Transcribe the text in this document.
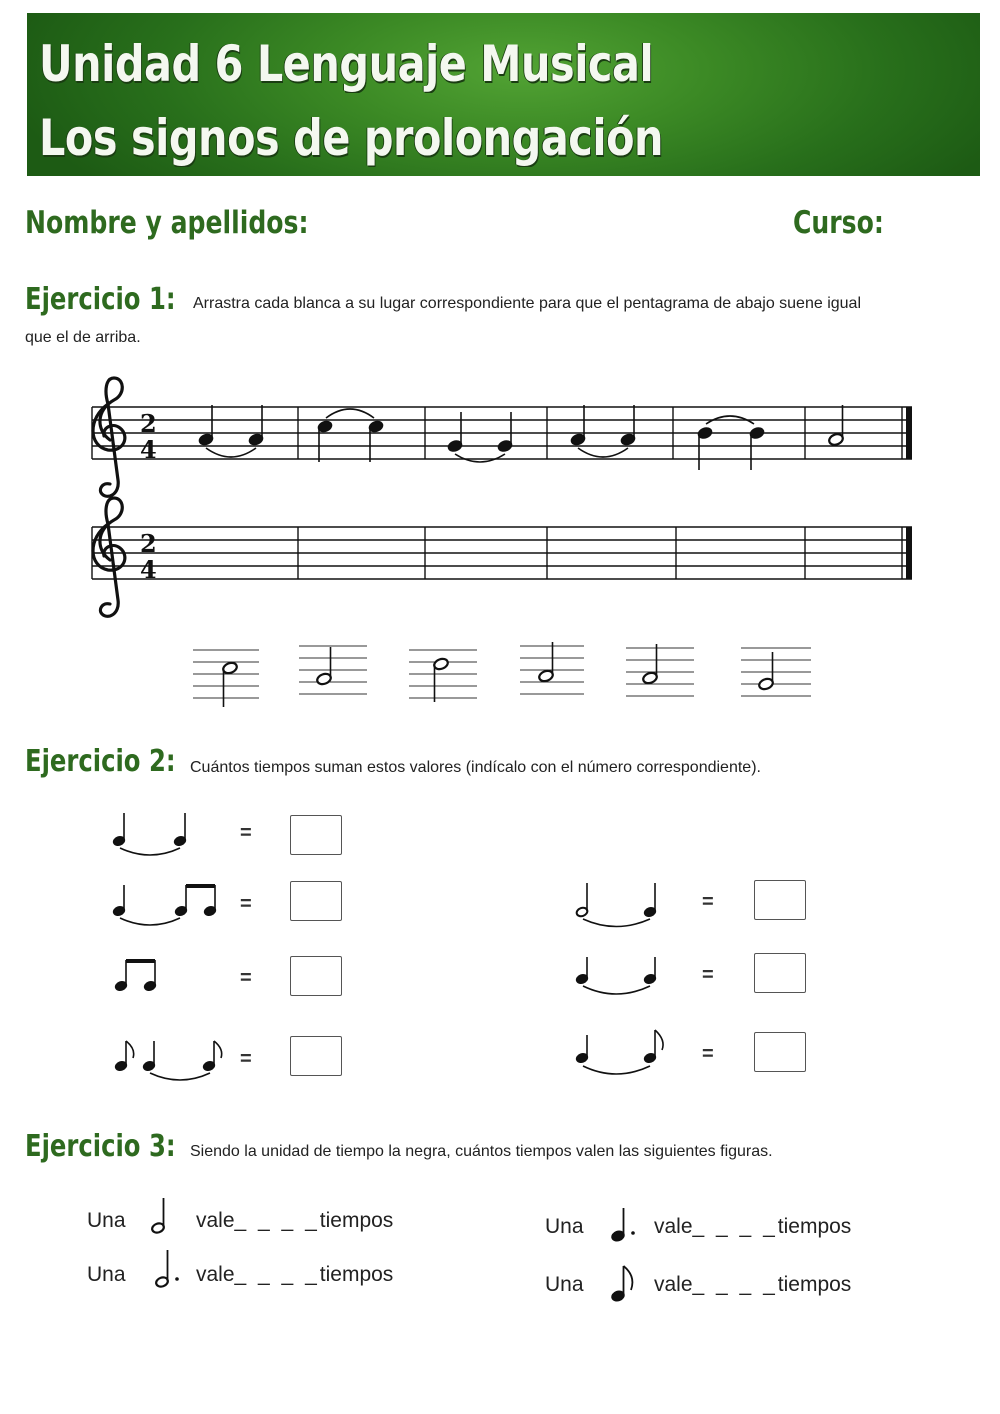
Unidad 6 Lenguaje Musical
Los signos de prolongación
Nombre y apellidos:	Curso:
Ejercicio 1: Arrastra cada blanca a su lugar correspondiente para que el pentagrama de abajo suene igual
que el de arriba.
2
4
2
4
Ejercicio 2: Cuántos tiempos suman estos valores (indícalo con el número correspondiente).
=
=
=
=
=
=
=
Ejercicio 3: Siendo la unidad de tiempo la negra, cuántos tiempos valen las siguientes figuras.
Una	vale_ _ _ _tiempos
Una	vale_ _ _ _tiempos
Una	vale_ _ _ _tiempos
Una	vale_ _ _ _tiempos
